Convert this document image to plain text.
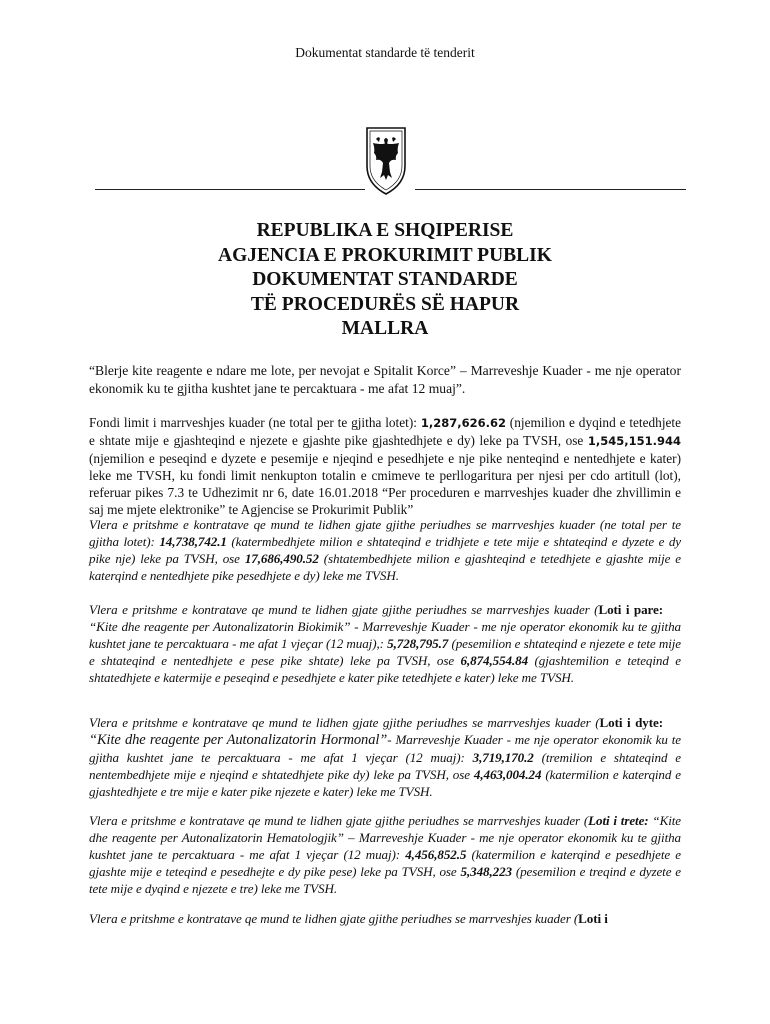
Dokumentat standarde të tenderit
REPUBLIKA E SHQIPERISE
AGJENCIA E PROKURIMIT PUBLIK
DOKUMENTAT STANDARDE
TË PROCEDURËS SË HAPUR
MALLRA
“Blerje kite reagente e ndare me lote, per nevojat e Spitalit Korce” – Marreveshje Kuader - me nje operator ekonomik ku te gjitha kushtet jane te percaktuara - me afat 12 muaj”.
Fondi limit i marrveshjes kuader (ne total per te gjitha lotet): 1,287,626.62 (njemilion e dyqind e tetedhjete e shtate mije e gjashteqind e njezete e gjashte pike gjashtedhjete e dy) leke pa TVSH, ose 1,545,151.944 (njemilion e peseqind e dyzete e pesemije e njeqind e pesedhjete e nje pike nenteqind e nentedhjete e kater) leke me TVSH, ku fondi limit nenkupton totalin e cmimeve te perllogaritura per njesi per cdo artitull (lot), referuar pikes 7.3 te Udhezimit nr 6, date 16.01.2018 “Per proceduren e marrveshjes kuader dhe zhvillimin e saj me mjete elektronike” te Agjencise se Prokurimit Publik”
Vlera e pritshme e kontratave qe mund te lidhen gjate gjithe periudhes se marrveshjes kuader (ne total per te gjitha lotet): 14,738,742.1 (katermbedhjete milion e shtateqind e tridhjete e tete mije e shtateqind e dyzete e dy pike nje) leke pa TVSH, ose 17,686,490.52 (shtatembedhjete milion e gjashteqind e tetedhjete e gjashte mije e katerqind e nentedhjete pike pesedhjete e dy) leke me TVSH.
Vlera e pritshme e kontratave qe mund te lidhen gjate gjithe periudhes se marrveshjes kuader (Loti i pare:“Kite dhe reagente per Autonalizatorin Biokimik” - Marreveshje Kuader - me nje operator ekonomik ku te gjitha kushtet jane te percaktuara - me afat 1 vjeçar (12 muaj),: 5,728,795.7 (pesemilion e shtateqind e njezete e tete mije e shtateqind e nentedhjete e pese pike shtate) leke pa TVSH, ose 6,874,554.84 (gjashtemilion e teteqind e shtatedhjete e katermije e peseqind e pesedhjete e kater pike tetedhjete e kater) leke me TVSH.
Vlera e pritshme e kontratave qe mund te lidhen gjate gjithe periudhes se marrveshjes kuader (Loti i dyte:“Kite dhe reagente per Autonalizatorin Hormonal”- Marreveshje Kuader - me nje operator ekonomik ku te gjitha kushtet jane te percaktuara - me afat 1 vjeçar (12 muaj): 3,719,170.2 (tremilion e shtateqind e nentembedhjete mije e njeqind e shtatedhjete pike dy) leke pa TVSH, ose 4,463,004.24 (katermilion e katerqind e gjashtedhjete e tre mije e kater pike njezete e kater) leke me TVSH.
Vlera e pritshme e kontratave qe mund te lidhen gjate gjithe periudhes se marrveshjes kuader (Loti i trete: “Kite dhe reagente per Autonalizatorin Hematologjik” – Marreveshje Kuader - me nje operator ekonomik ku te gjitha kushtet jane te percaktuara - me afat 1 vjeçar (12 muaj): 4,456,852.5 (katermilion e katerqind e pesedhjete e gjashte mije e teteqind e pesedhejte e dy pike pese) leke pa TVSH, ose 5,348,223 (pesemilion e treqind e dyzete e tete mije e dyqind e njezete e tre) leke me TVSH.
Vlera e pritshme e kontratave qe mund te lidhen gjate gjithe periudhes se marrveshjes kuader (Loti i
